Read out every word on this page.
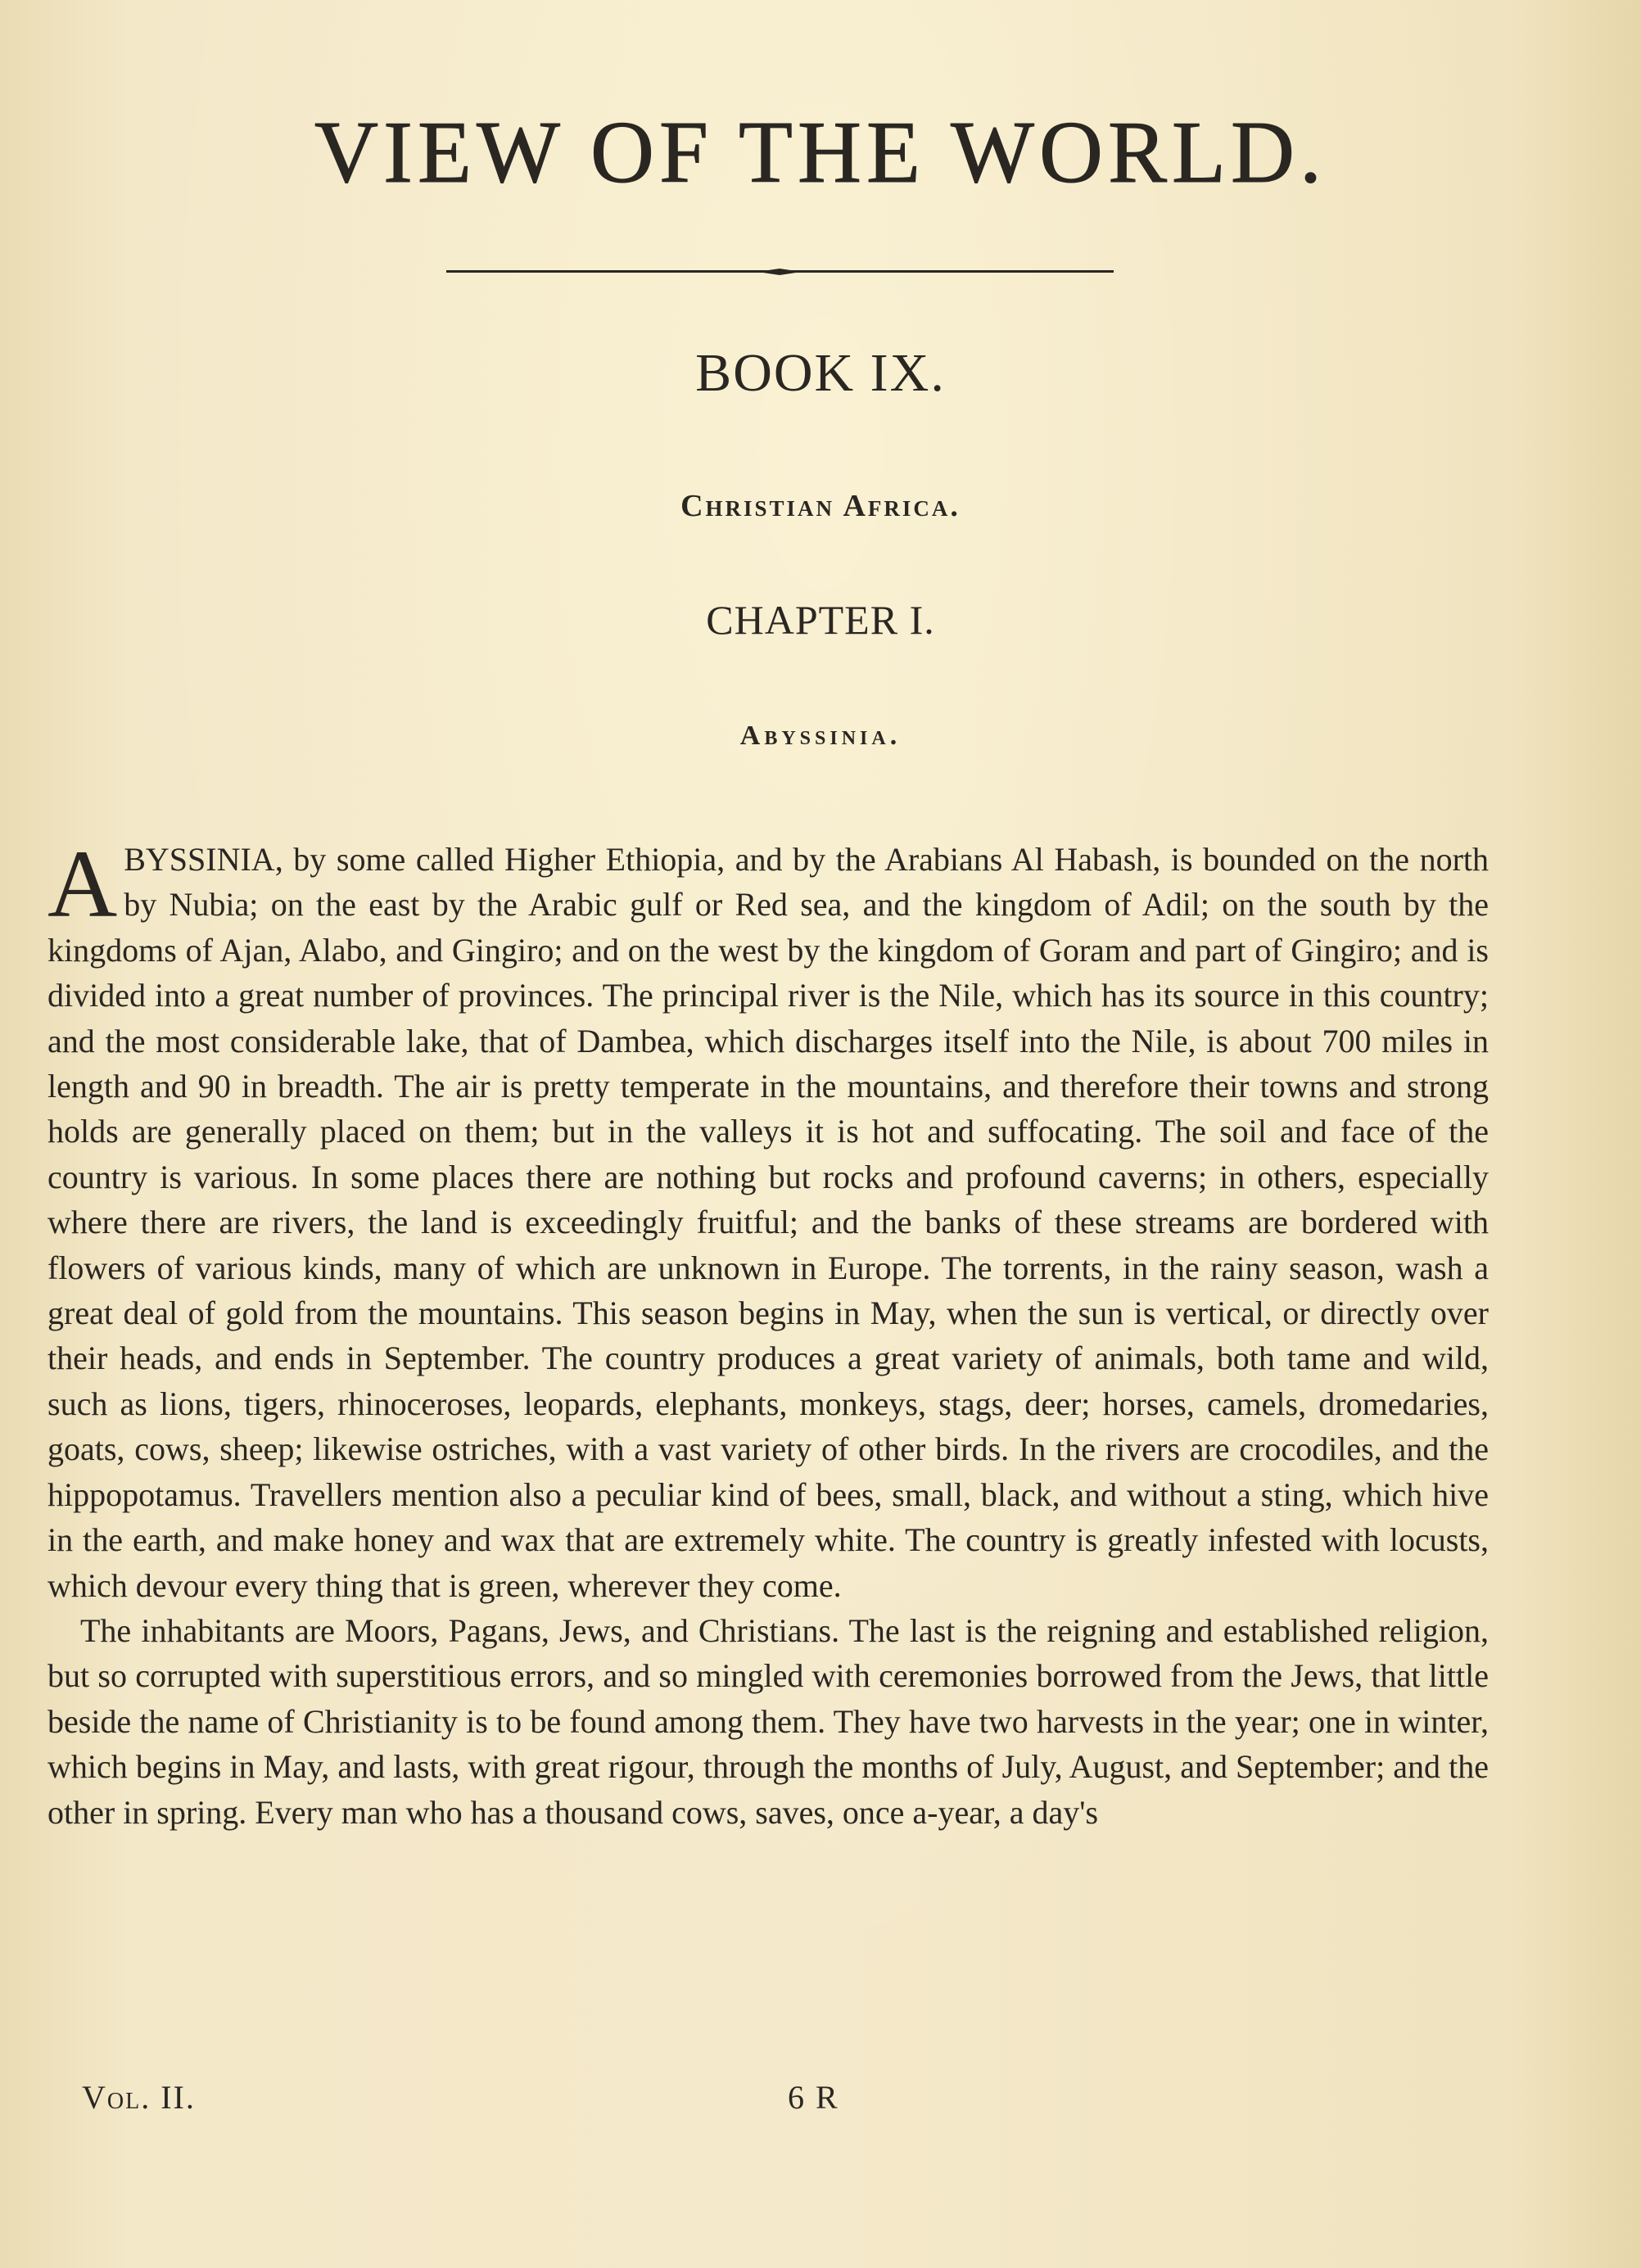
VIEW OF THE WORLD.
BOOK IX.
Christian Africa.
CHAPTER I.
Abyssinia.

ABYSSINIA, by some called Higher Ethiopia, and by the Arabians Al Habash, is bounded on the north by Nubia; on the east by the Arabic gulf or Red sea, and the kingdom of Adil; on the south by the kingdoms of Ajan, Alabo, and Gingiro; and on the west by the kingdom of Goram and part of Gingiro; and is divided into a great number of provinces. The principal river is the Nile, which has its source in this country; and the most considerable lake, that of Dambea, which discharges itself into the Nile, is about 700 miles in length and 90 in breadth. The air is pretty temperate in the mountains, and therefore their towns and strong holds are generally placed on them; but in the valleys it is hot and suffocating. The soil and face of the country is various. In some places there are nothing but rocks and profound caverns; in others, especially where there are rivers, the land is exceedingly fruitful; and the banks of these streams are bordered with flowers of various kinds, many of which are unknown in Europe. The torrents, in the rainy season, wash a great deal of gold from the mountains. This season begins in May, when the sun is vertical, or directly over their heads, and ends in September. The country produces a great variety of animals, both tame and wild, such as lions, tigers, rhinoceroses, leopards, elephants, monkeys, stags, deer; horses, camels, dromedaries, goats, cows, sheep; likewise ostriches, with a vast variety of other birds. In the rivers are crocodiles, and the hippopotamus. Travellers mention also a peculiar kind of bees, small, black, and without a sting, which hive in the earth, and make honey and wax that are extremely white. The country is greatly infested with locusts, which devour every thing that is green, wherever they come.

The inhabitants are Moors, Pagans, Jews, and Christians. The last is the reigning and established religion, but so corrupted with superstitious errors, and so mingled with ceremonies borrowed from the Jews, that little beside the name of Christianity is to be found among them. They have two harvests in the year; one in winter, which begins in May, and lasts, with great rigour, through the months of July, August, and September; and the other in spring. Every man who has a thousand cows, saves, once a-year, a day's

Vol. II.	6 R
